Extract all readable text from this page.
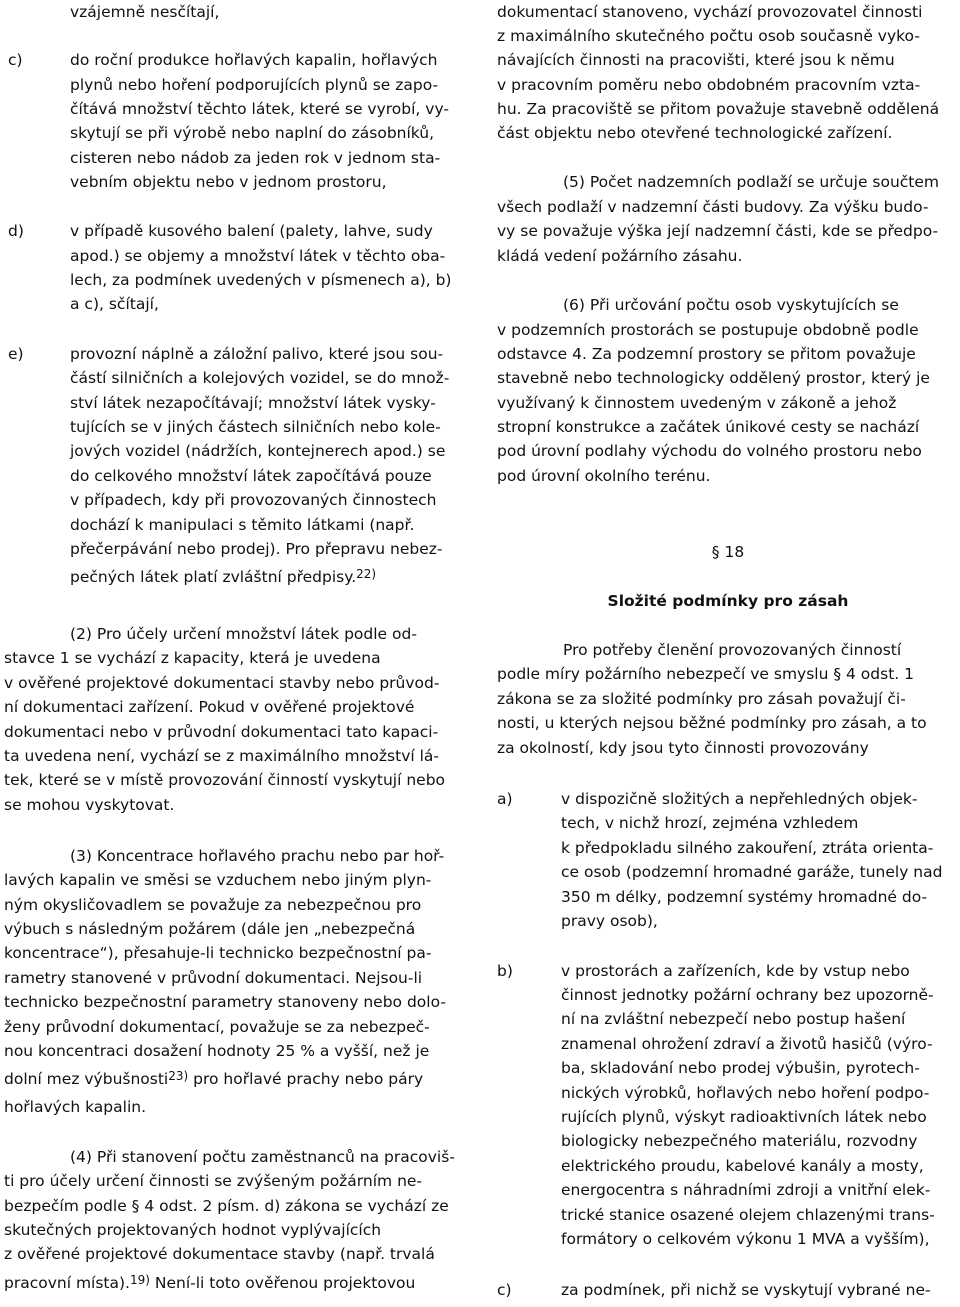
vzájemně nesčítají,
c)	do roční produkce hořlavých kapalin, hořlavých
plynů nebo hoření podporujících plynů se zapo-
čítává množství těchto látek, které se vyrobí, vy-
skytují se při výrobě nebo naplní do zásobníků,
cisteren nebo nádob za jeden rok v jednom sta-
vebním objektu nebo v jednom prostoru,
d)	v případě kusového balení (palety, lahve, sudy
apod.) se objemy a množství látek v těchto oba-
lech, za podmínek uvedených v písmenech a), b)
a c), sčítají,
e)	provozní náplně a záložní palivo, které jsou sou-
částí silničních a kolejových vozidel, se do množ-
ství látek nezapočítávají; množství látek vysky-
tujících se v jiných částech silničních nebo kole-
jových vozidel (nádržích, kontejnerech apod.) se
do celkového množství látek započítává pouze
v případech, kdy při provozovaných činnostech
dochází k manipulaci s těmito látkami (např.
přečerpávání nebo prodej). Pro přepravu nebez-
pečných látek platí zvláštní předpisy.$^{22)}$
(2) Pro účely určení množství látek podle od-
stavce 1 se vychází z kapacity, která je uvedena
v ověřené projektové dokumentaci stavby nebo průvod-
ní dokumentaci zařízení. Pokud v ověřené projektové
dokumentaci nebo v průvodní dokumentaci tato kapaci-
ta uvedena není, vychází se z maximálního množství lá-
tek, které se v místě provozování činností vyskytují nebo
se mohou vyskytovat.
(3) Koncentrace hořlavého prachu nebo par hoř-
lavých kapalin ve směsi se vzduchem nebo jiným plyn-
ným okysličovadlem se považuje za nebezpečnou pro
výbuch s následným požárem (dále jen „nebezpečná
koncentrace“), přesahuje-li technicko bezpečnostní pa-
rametry stanovené v průvodní dokumentaci. Nejsou-li
technicko bezpečnostní parametry stanoveny nebo dolo-
ženy průvodní dokumentací, považuje se za nebezpeč-
nou koncentraci dosažení hodnoty 25 % a vyšší, než je
dolní mez výbušnosti$^{23)}$ pro hořlavé prachy nebo páry
hořlavých kapalin.
(4) Při stanovení počtu zaměstnanců na pracoviš-
ti pro účely určení činnosti se zvýšeným požárním ne-
bezpečím podle § 4 odst. 2 písm. d) zákona se vychází ze
skutečných projektovaných hodnot vyplývajících
z ověřené projektové dokumentace stavby (např. trvalá
pracovní místa).$^{19)}$ Není-li toto ověřenou projektovou
dokumentací stanoveno, vychází provozovatel činnosti
z maximálního skutečného počtu osob současně vyko-
návajících činnosti na pracovišti, které jsou k němu
v pracovním poměru nebo obdobném pracovním vzta-
hu. Za pracoviště se přitom považuje stavebně oddělená
část objektu nebo otevřené technologické zařízení.
(5) Počet nadzemních podlaží se určuje součtem
všech podlaží v nadzemní části budovy. Za výšku budo-
vy se považuje výška její nadzemní části, kde se předpo-
kládá vedení požárního zásahu.
(6) Při určování počtu osob vyskytujících se
v podzemních prostorách se postupuje obdobně podle
odstavce 4. Za podzemní prostory se přitom považuje
stavebně nebo technologicky oddělený prostor, který je
využívaný k činnostem uvedeným v zákoně a jehož
stropní konstrukce a začátek únikové cesty se nachází
pod úrovní podlahy východu do volného prostoru nebo
pod úrovní okolního terénu.
§ 18
Složité podmínky pro zásah
Pro potřeby členění provozovaných činností
podle míry požárního nebezpečí ve smyslu § 4 odst. 1
zákona se za složité podmínky pro zásah považují či-
nosti, u kterých nejsou běžné podmínky pro zásah, a to
za okolností, kdy jsou tyto činnosti provozovány
a)	v dispozičně složitých a nepřehledných objek-
tech, v nichž hrozí, zejména vzhledem
k předpokladu silného zakouření, ztráta orienta-
ce osob (podzemní hromadné garáže, tunely nad
350 m délky, podzemní systémy hromadné do-
pravy osob),
b)	v prostorách a zařízeních, kde by vstup nebo
činnost jednotky požární ochrany bez upozorně-
ní na zvláštní nebezpečí nebo postup hašení
znamenal ohrožení zdraví a životů hasičů (výro-
ba, skladování nebo prodej výbušin, pyrotech-
nických výrobků, hořlavých nebo hoření podpo-
rujících plynů, výskyt radioaktivních látek nebo
biologicky nebezpečného materiálu, rozvodny
elektrického proudu, kabelové kanály a mosty,
energocentra s náhradními zdroji a vnitřní elek-
trické stanice osazené olejem chlazenými trans-
formátory o celkovém výkonu 1 MVA a vyšším),
c)	za podmínek, při nichž se vyskytují vybrané ne-
